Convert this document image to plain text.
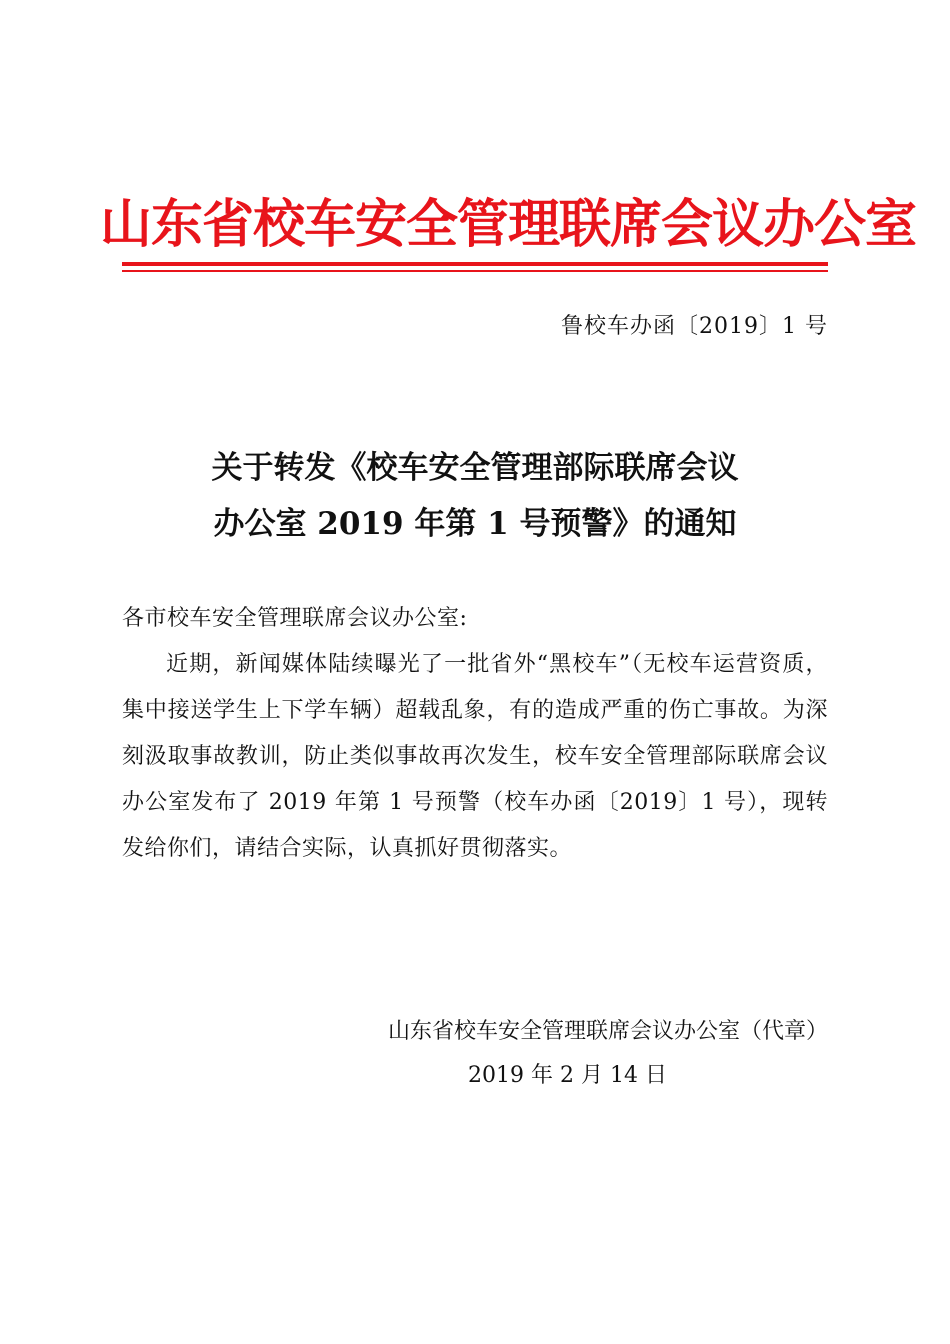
山东省校车安全管理联席会议办公室
鲁校车办函〔2019〕1 号
关于转发《校车安全管理部际联席会议
办公室 2019 年第 1 号预警》的通知
各市校车安全管理联席会议办公室:
近期，新闻媒体陆续曝光了一批省外“黑校车”（无校车运营资质，集中接送学生上下学车辆）超载乱象，有的造成严重的伤亡事故。为深刻汲取事故教训，防止类似事故再次发生，校车安全管理部际联席会议办公室发布了 2019 年第 1 号预警（校车办函〔2019〕1 号），现转发给你们，请结合实际，认真抓好贯彻落实。
山东省校车安全管理联席会议办公室（代章）
2019 年 2 月 14 日
